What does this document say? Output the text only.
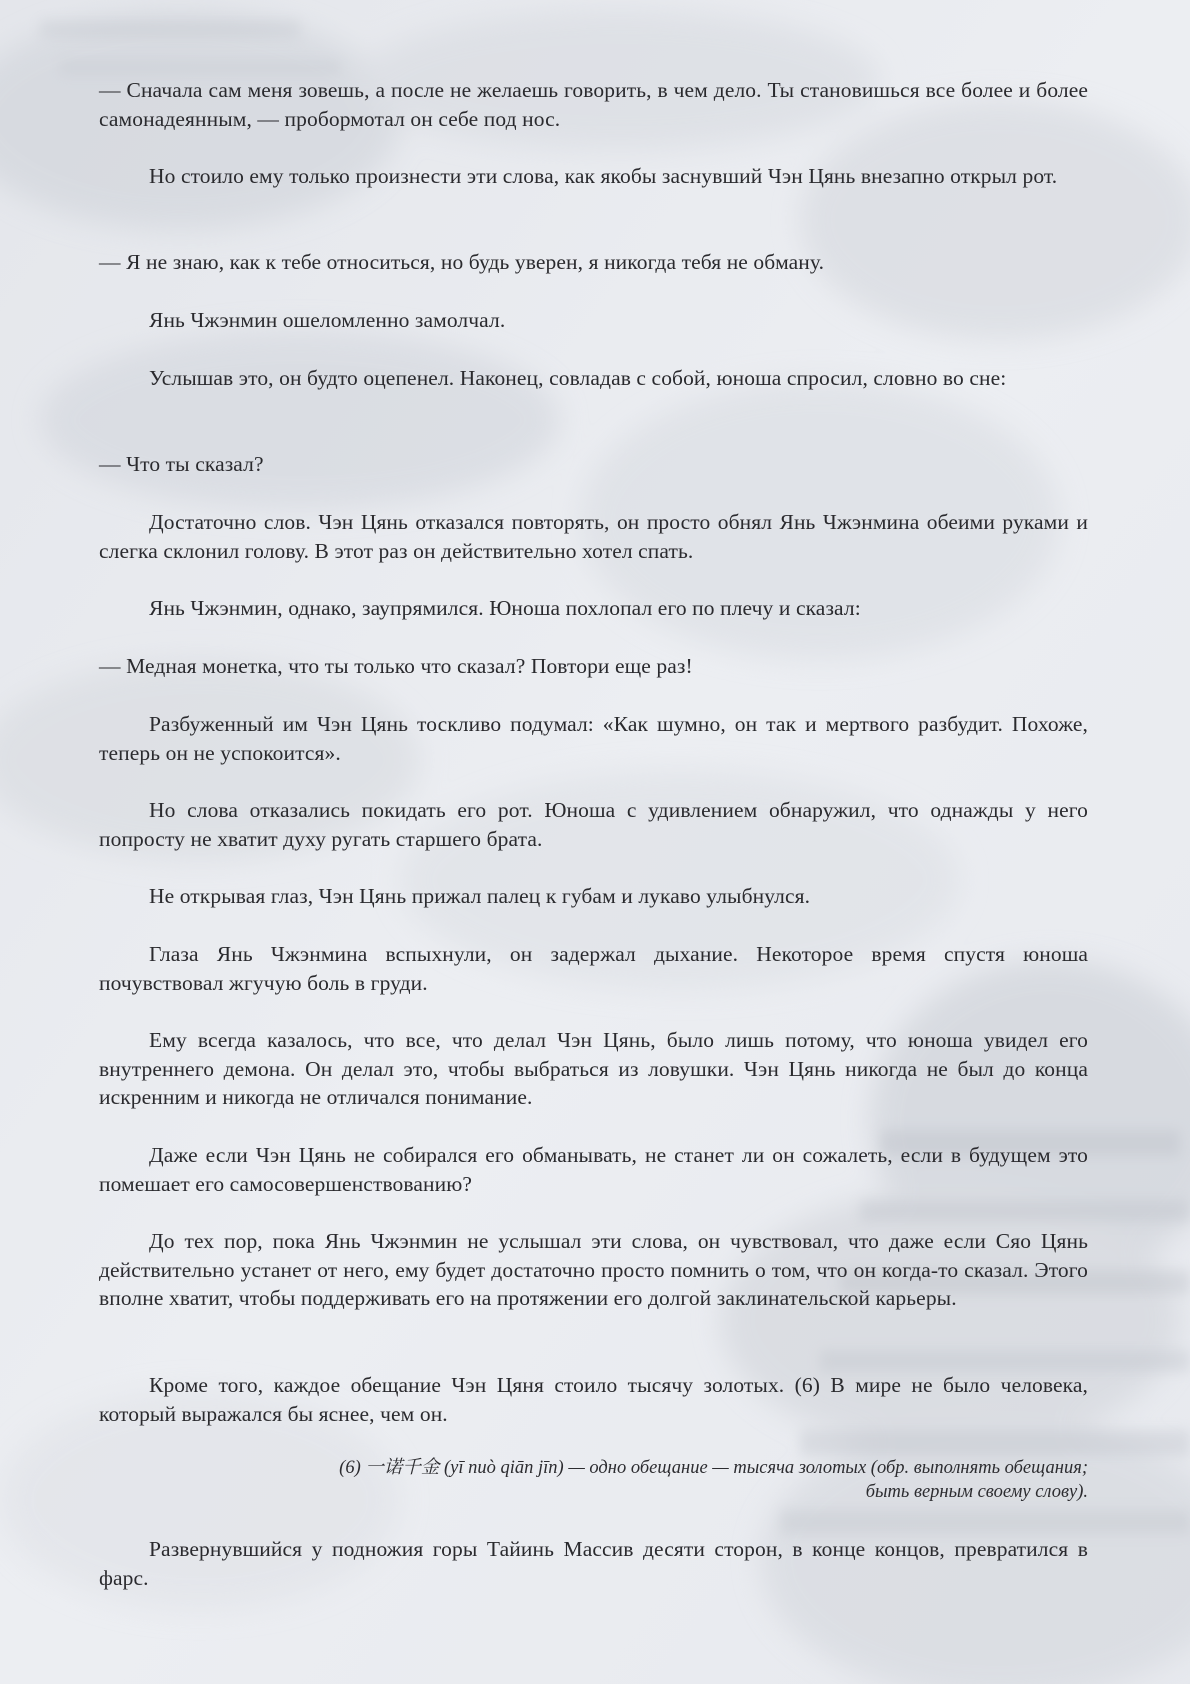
— Сначала сам меня зовешь, а после не желаешь говорить, в чем дело. Ты становишься все более и более самонадеянным, — пробормотал он себе под нос.

Но стоило ему только произнести эти слова, как якобы заснувший Чэн Цянь внезапно открыл рот.

— Я не знаю, как к тебе относиться, но будь уверен, я никогда тебя не обману.

Янь Чжэнмин ошеломленно замолчал.

Услышав это, он будто оцепенел. Наконец, совладав с собой, юноша спросил, словно во сне:

— Что ты сказал?

Достаточно слов. Чэн Цянь отказался повторять, он просто обнял Янь Чжэнмина обеими руками и слегка склонил голову. В этот раз он действительно хотел спать.

Янь Чжэнмин, однако, заупрямился. Юноша похлопал его по плечу и сказал:

— Медная монетка, что ты только что сказал? Повтори еще раз!

Разбуженный им Чэн Цянь тоскливо подумал: «Как шумно, он так и мертвого разбудит. Похоже, теперь он не успокоится».

Но слова отказались покидать его рот. Юноша с удивлением обнаружил, что однажды у него попросту не хватит духу ругать старшего брата.

Не открывая глаз, Чэн Цянь прижал палец к губам и лукаво улыбнулся.

Глаза Янь Чжэнмина вспыхнули, он задержал дыхание. Некоторое время спустя юноша почувствовал жгучую боль в груди.

Ему всегда казалось, что все, что делал Чэн Цянь, было лишь потому, что юноша увидел его внутреннего демона. Он делал это, чтобы выбраться из ловушки. Чэн Цянь никогда не был до конца искренним и никогда не отличался понимание.

Даже если Чэн Цянь не собирался его обманывать, не станет ли он сожалеть, если в будущем это помешает его самосовершенствованию?

До тех пор, пока Янь Чжэнмин не услышал эти слова, он чувствовал, что даже если Сяо Цянь действительно устанет от него, ему будет достаточно просто помнить о том, что он когда-то сказал. Этого вполне хватит, чтобы поддерживать его на протяжении его долгой заклинательской карьеры.

Кроме того, каждое обещание Чэн Цяня стоило тысячу золотых. (6) В мире не было человека, который выражался бы яснее, чем он.

(6) 一诺千金 (yī nuò qiān jīn) — одно обещание — тысяча золотых (обр. выполнять обещания;
быть верным своему слову).

Развернувшийся у подножия горы Тайинь Массив десяти сторон, в конце концов, превратился в фарс.
